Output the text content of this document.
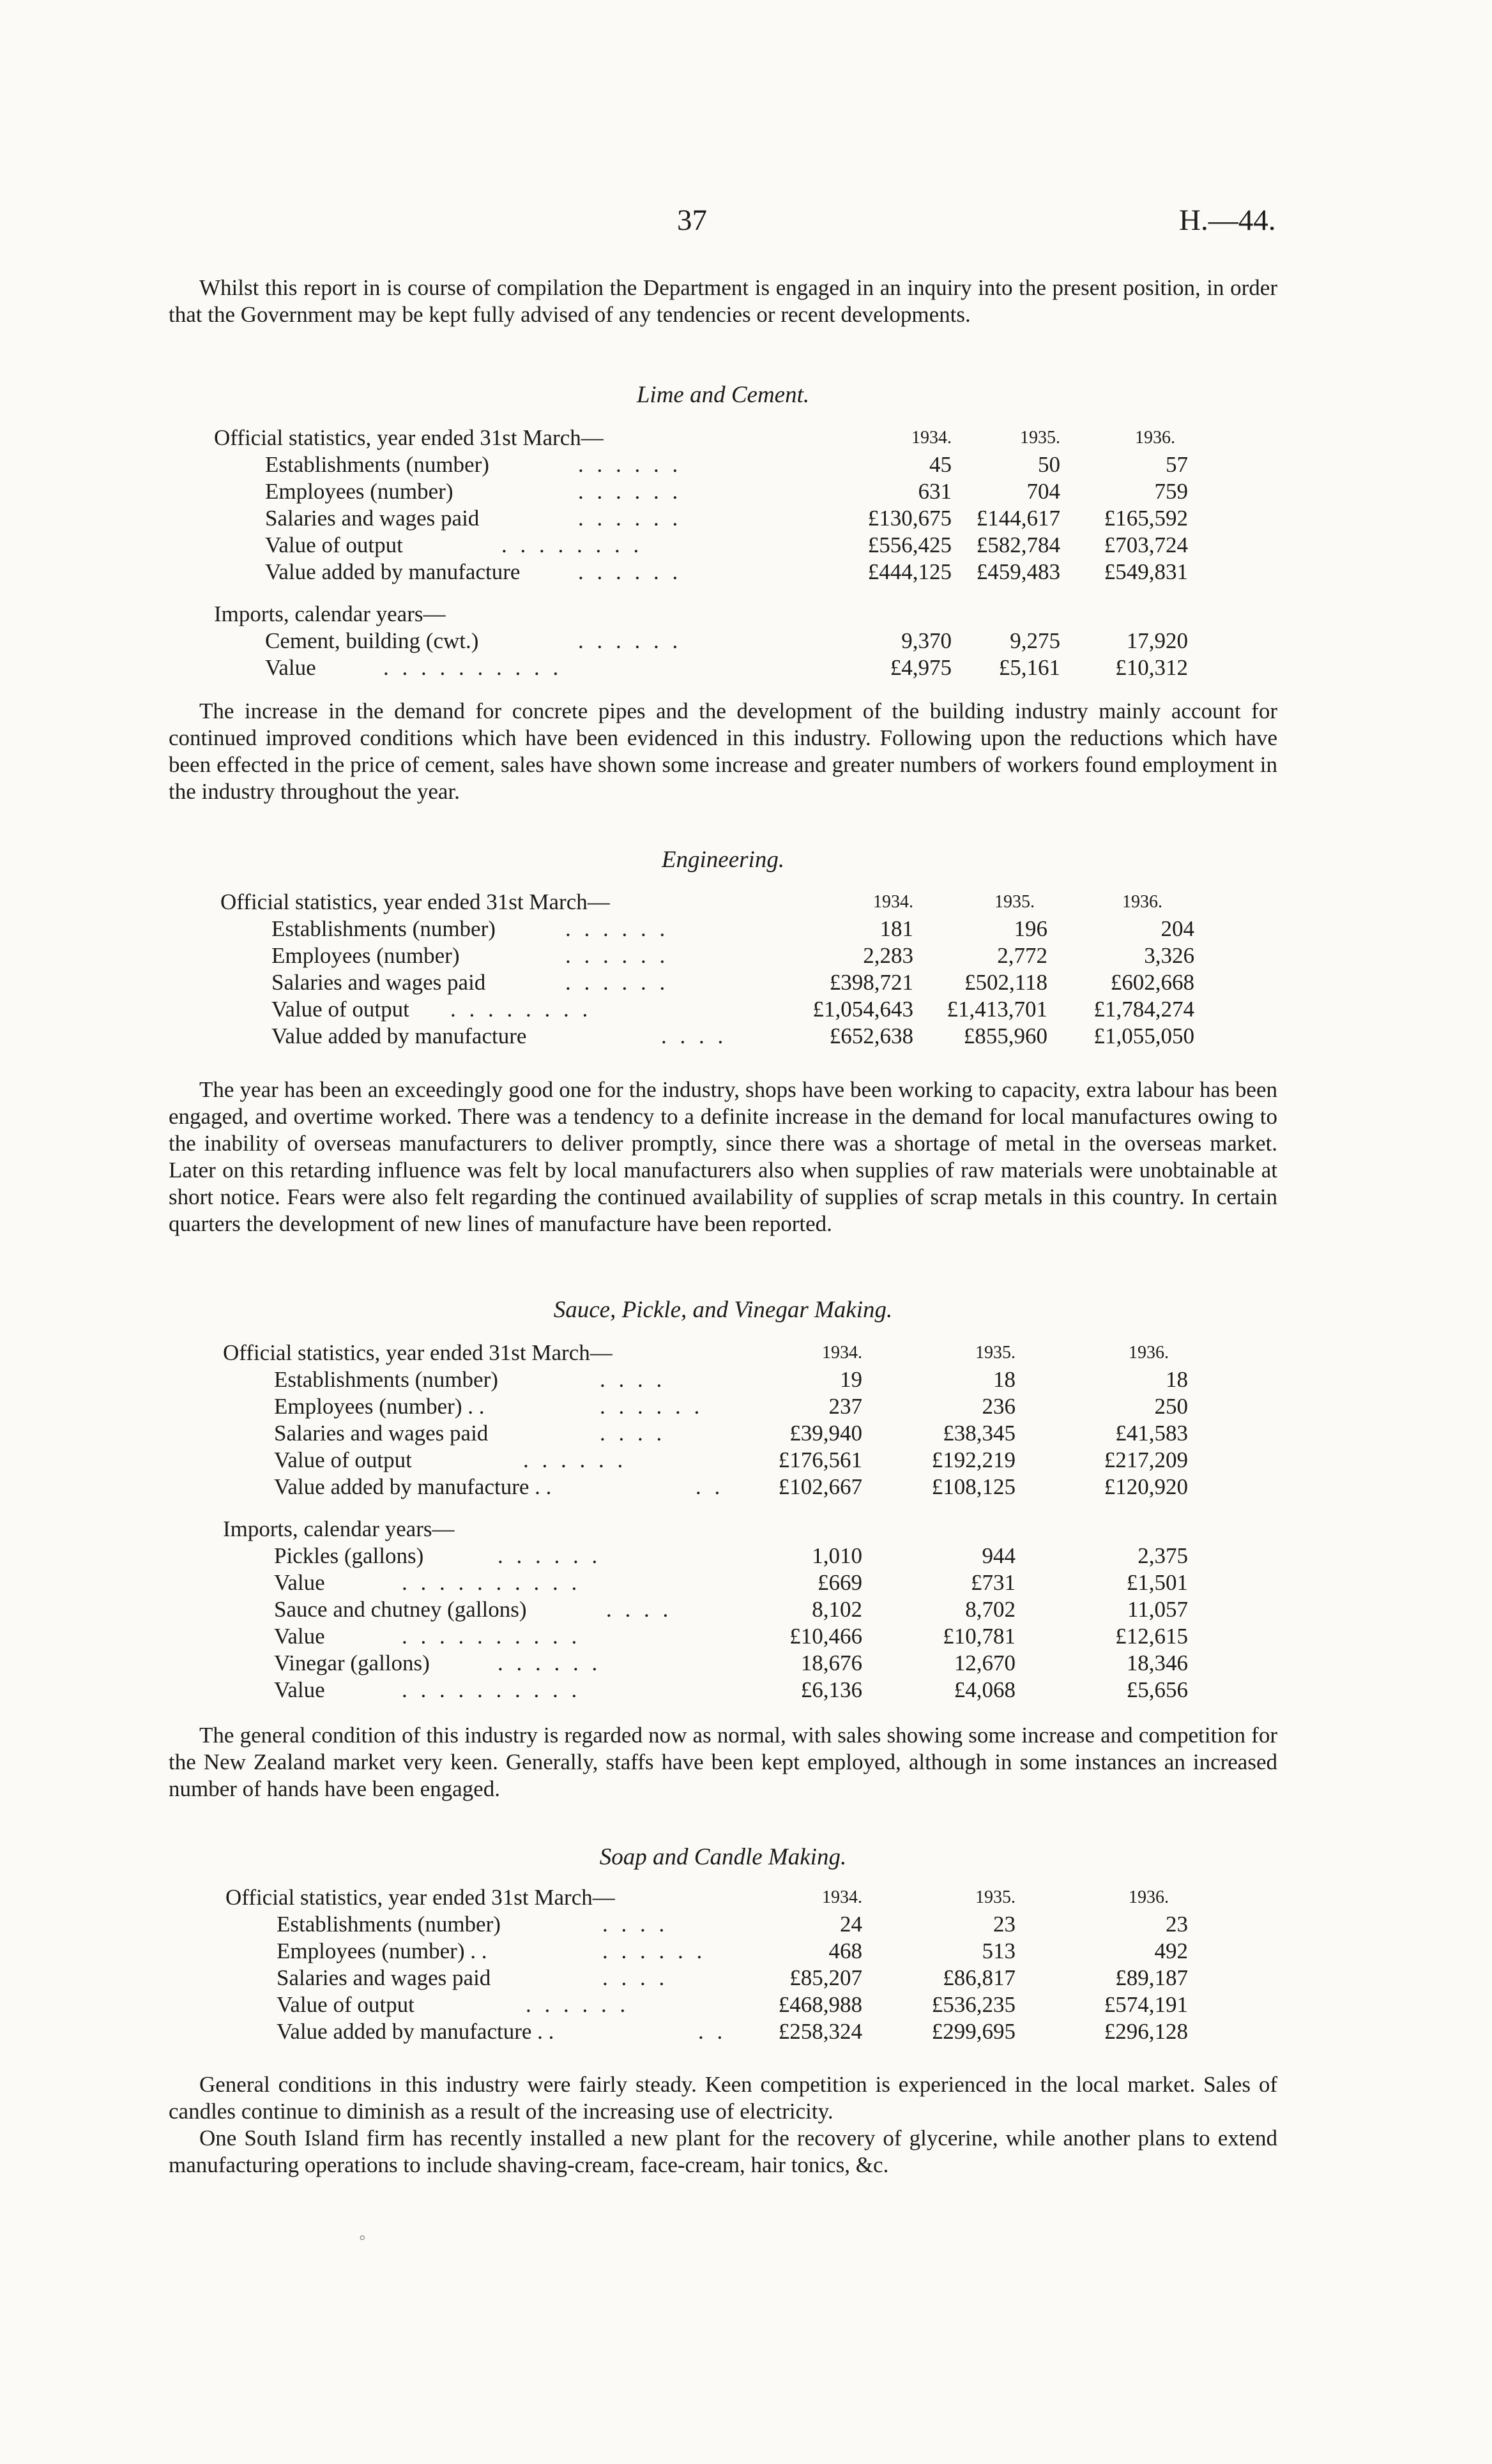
37	H.—44.
Whilst this report in is course of compilation the Department is engaged in an inquiry into the present position, in order that the Government may be kept fully advised of any tendencies or recent developments.
Lime and Cement.
Official statistics, year ended 31st March—	1934.	1935.	1936.
Establishments (number)	. . . . . .	45	50	57
Employees (number)	. . . . . .	631	704	759
Salaries and wages paid	. . . . . .	£130,675 £144,617 £165,592
Value of output	. . . . . . . .	£556,425 £582,784 £703,724
Value added by manufacture	. . . . . .	£444,125 £459,483 £549,831
Imports, calendar years—
Cement, building (cwt.)	. . . . . .	9,370	9,275	17,920
Value	. . . . . . . . . .	£4,975 £5,161 £10,312
The increase in the demand for concrete pipes and the development of the building industry mainly account for continued improved conditions which have been evidenced in this industry. Following upon the reductions which have been effected in the price of cement, sales have shown some increase and greater numbers of workers found employment in the industry throughout the year.
Engineering.
Official statistics, year ended 31st March—	1934.	1935.	1936.
Establishments (number)	. . . . . .	181	196	204
Employees (number)	. . . . . .	2,283	2,772	3,326
Salaries and wages paid	. . . . . .	£398,721 £502,118	£602,668
Value of output . . . . . . . .	£1,054,643 £1,413,701 £1,784,274
Value added by manufacture	. . . .	£652,638 £855,960 £1,055,050
The year has been an exceedingly good one for the industry, shops have been working to capacity, extra labour has been engaged, and overtime worked. There was a tendency to a definite increase in the demand for local manufactures owing to the inability of overseas manufacturers to deliver promptly, since there was a shortage of metal in the overseas market. Later on this retarding influence was felt by local manufacturers also when supplies of raw materials were unobtainable at short notice. Fears were also felt regarding the continued availability of supplies of scrap metals in this country. In certain quarters the development of new lines of manufacture have been reported.
Sauce, Pickle, and Vinegar Making.
Official statistics, year ended 31st March—	1934.	1935.	1936.
Establishments (number)	. . . .	19	18	18
Employees (number) . .	. . . . . .	237	236	250
Salaries and wages paid	. . . .	£39,940	£38,345	£41,583
Value of output	. . . . . .	£176,561	£192,219	£217,209
Value added by manufacture . .	. . £102,667	£108,125	£120,920
Imports, calendar years—
Pickles (gallons)	. . . . . .	1,010	944	2,375
Value	. . . . . . . . . .	£669	£731	£1,501
Sauce and chutney (gallons)	. . . .	8,102	8,702	11,057
Value	. . . . . . . . . .	£10,466	£10,781	£12,615
Vinegar (gallons)	. . . . . .	18,676	12,670	18,346
Value	. . . . . . . . . .	£6,136	£4,068	£5,656
The general condition of this industry is regarded now as normal, with sales showing some increase and competition for the New Zealand market very keen. Generally, staffs have been kept employed, although in some instances an increased number of hands have been engaged.
Soap and Candle Making.
Official statistics, year ended 31st March—	1934.	1935.	1936.
Establishments (number)	. . . .	24	23	23
Employees (number) . .	. . . . . .	468	513	492
Salaries and wages paid	. . . .	£85,207	£86,817	£89,187
Value of output	. . . . . .	£468,988	£536,235	£574,191
Value added by manufacture . .	. . £258,324	£299,695	£296,128
General conditions in this industry were fairly steady. Keen competition is experienced in the local market. Sales of candles continue to diminish as a result of the increasing use of electricity.
One South Island firm has recently installed a new plant for the recovery of glycerine, while another plans to extend manufacturing operations to include shaving-cream, face-cream, hair tonics, &c.
◦
